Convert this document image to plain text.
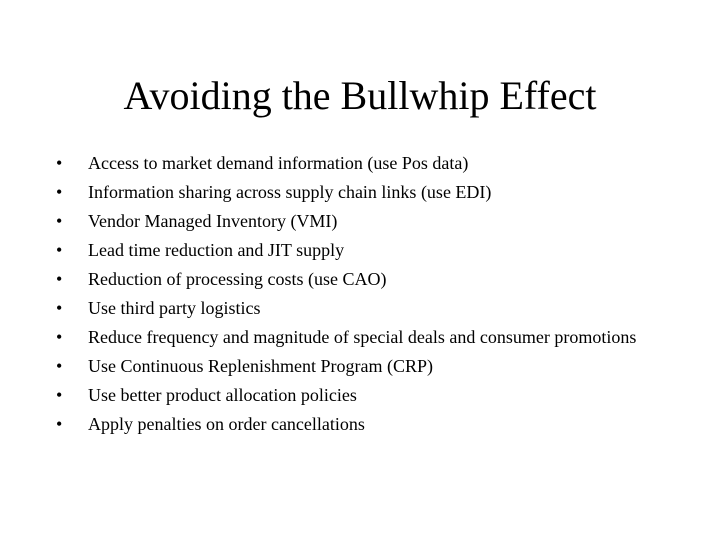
Avoiding the Bullwhip Effect
•	Access to market demand information (use Pos data)
•	Information sharing across supply chain links (use EDI)
•	Vendor Managed Inventory (VMI)
•	Lead time reduction and JIT supply
•	Reduction of processing costs (use CAO)
•	Use third party logistics
•	Reduce frequency and magnitude of special deals and consumer promotions
•	Use Continuous Replenishment Program (CRP)
•	Use better product allocation policies
•	Apply penalties on order cancellations
